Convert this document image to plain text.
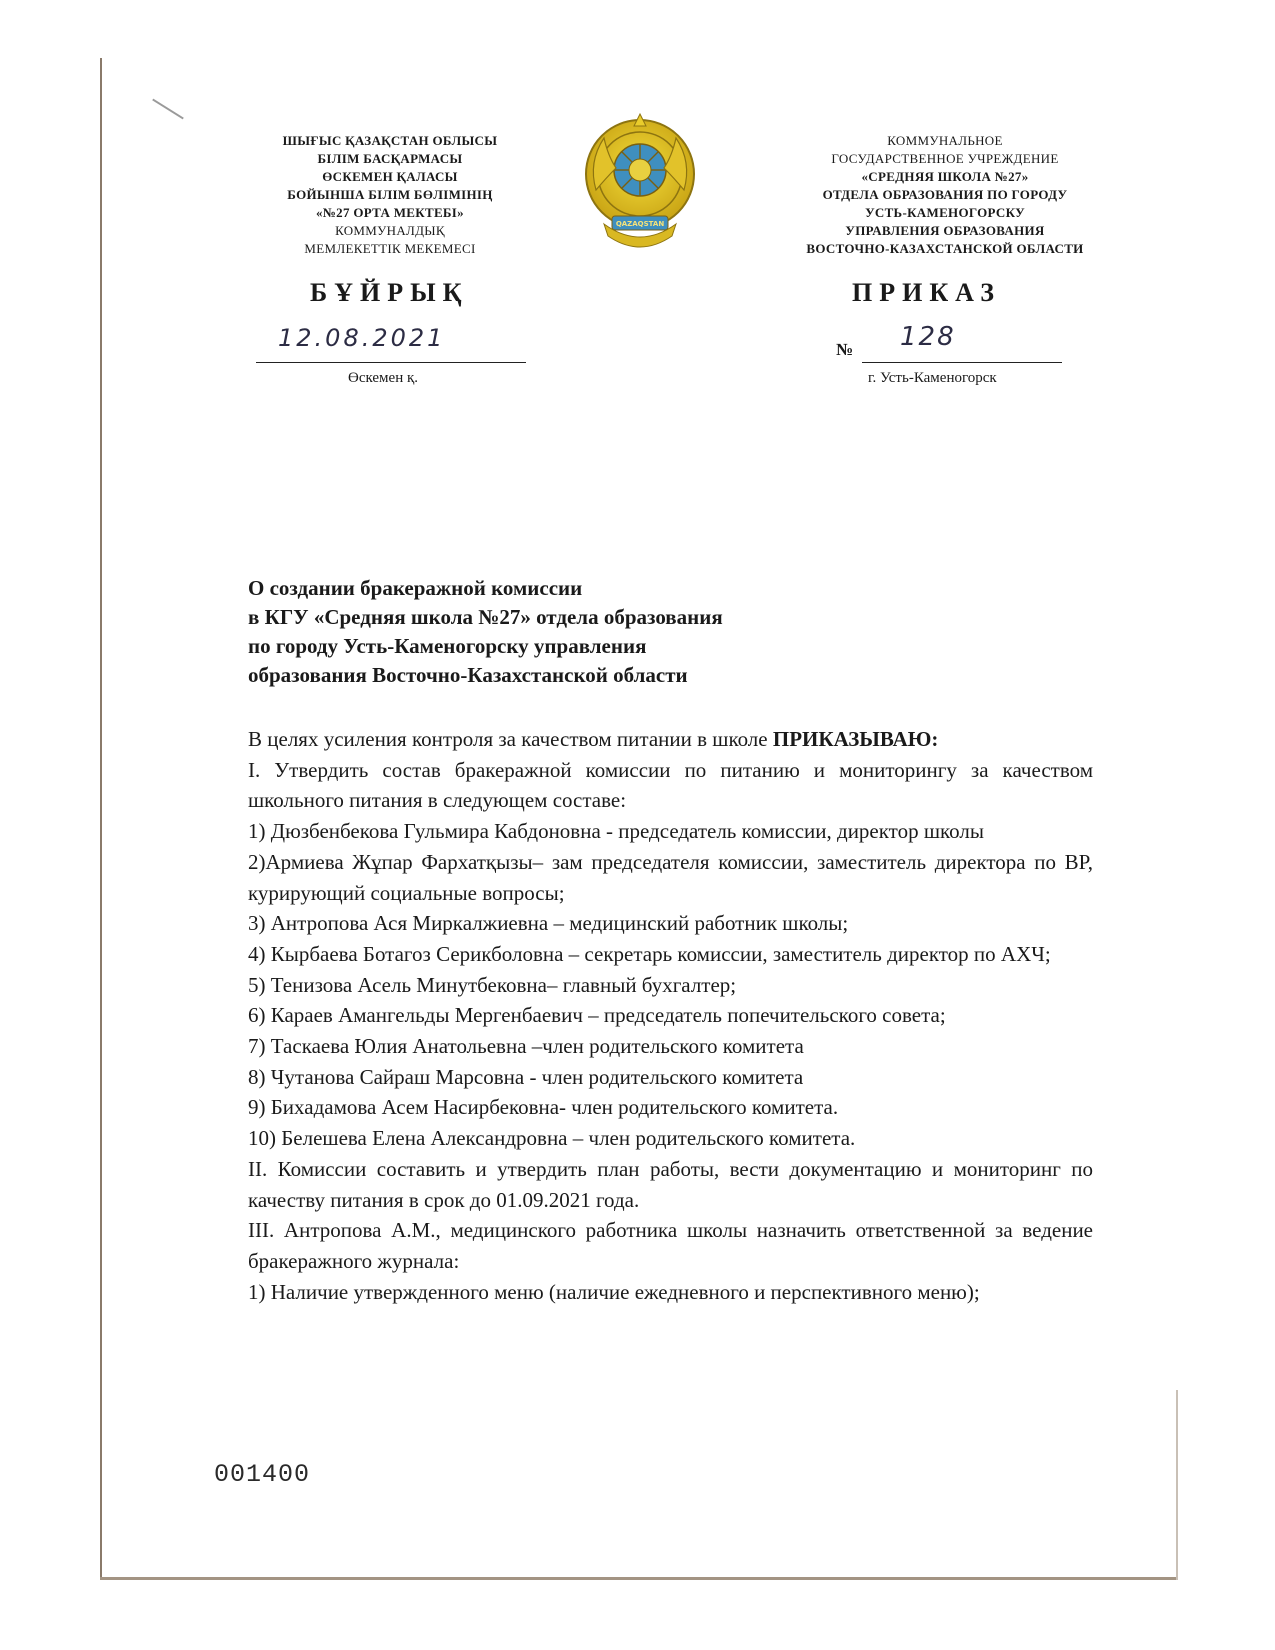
ШЫҒЫС ҚАЗАҚСТАН ОБЛЫСЫ
БІЛІМ БАСҚАРМАСЫ
ӨСКЕМЕН ҚАЛАСЫ
БОЙЫНША БІЛІМ БӨЛІМІНІҢ
«№27 ОРТА МЕКТЕБІ»
КОММУНАЛДЫҚ
МЕМЛЕКЕТТІК МЕКЕМЕСІ
QAZAQSTAN
КОММУНАЛЬНОЕ
ГОСУДАРСТВЕННОЕ УЧРЕЖДЕНИЕ
«СРЕДНЯЯ ШКОЛА №27»
ОТДЕЛА ОБРАЗОВАНИЯ ПО ГОРОДУ
УСТЬ-КАМЕНОГОРСКУ
УПРАВЛЕНИЯ ОБРАЗОВАНИЯ
ВОСТОЧНО-КАЗАХСТАНСКОЙ ОБЛАСТИ
БҰЙРЫҚ	ПРИКАЗ
12.08.2021
Өскемен қ.
№ 128
г. Усть-Каменогорск
О создании бракеражной комиссии
в КГУ «Средняя школа №27» отдела образования
по городу Усть-Каменогорску управления
образования Восточно-Казахстанской области

В целях усиления контроля за качеством питании в школе ПРИКАЗЫВАЮ:

I. Утвердить состав бракеражной комиссии по питанию и мониторингу за качеством школьного питания в следующем составе:

1) Дюзбенбекова Гульмира Кабдоновна - председатель комиссии, директор школы

2)Армиева Жұпар Фархатқызы– зам председателя комиссии, заместитель директора по ВР, курирующий социальные вопросы;

3) Антропова Ася Миркалжиевна – медицинский работник школы;

4) Кырбаева Ботагоз Серикболовна – секретарь комиссии, заместитель директор по АХЧ;

5) Тенизова Асель Минутбековна– главный бухгалтер;

6) Караев Амангельды Мергенбаевич – председатель попечительского совета;

7) Таскаева Юлия Анатольевна –член родительского комитета

8) Чутанова Сайраш Марсовна - член родительского комитета

9) Бихадамова Асем Насирбековна- член родительского комитета.

10) Белешева Елена Александровна – член родительского комитета.

II. Комиссии составить и утвердить план работы, вести документацию и мониторинг по качеству питания в срок до 01.09.2021 года.

III. Антропова А.М., медицинского работника школы назначить ответственной за ведение бракеражного журнала:

1) Наличие утвержденного меню (наличие ежедневного и перспективного меню);

001400
